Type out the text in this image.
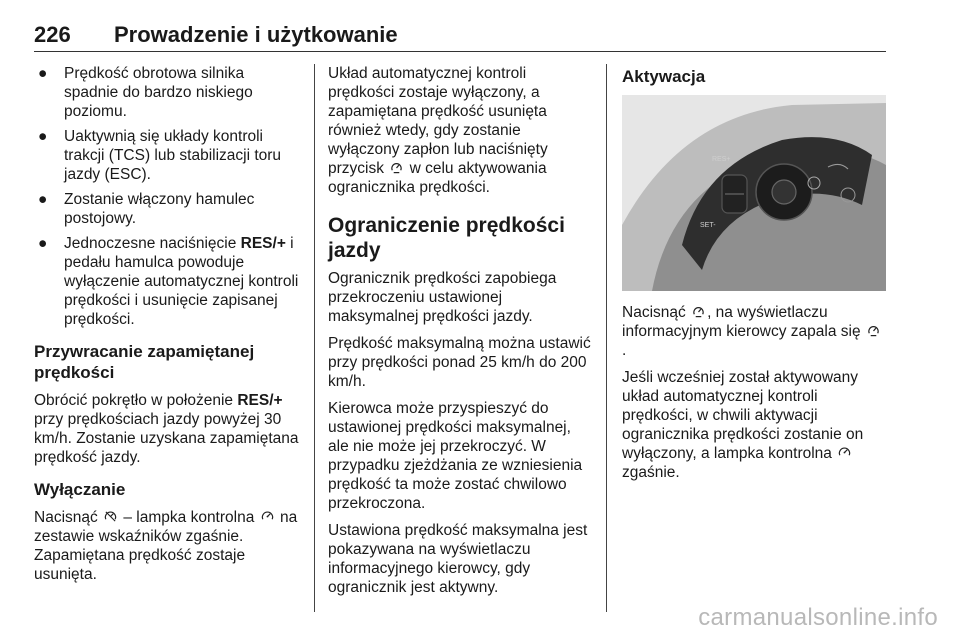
226 Prowadzenie i użytkowanie
● Prędkość obrotowa silnika spadnie do bardzo niskiego poziomu.
● Uaktywnią się układy kontroli trakcji (TCS) lub stabilizacji toru jazdy (ESC).
● Zostanie włączony hamulec postojowy.
● Jednoczesne naciśnięcie RES/+ i pedału hamulca powoduje wyłączenie automatycznej kontroli prędkości i usunięcie zapisanej prędkości.
Przywracanie zapamiętanej prędkości

Obrócić pokrętło w położenie RES/+ przy prędkościach jazdy powyżej 30 km/h. Zostanie uzyskana zapamiętana prędkość jazdy.

Wyłączanie

Nacisnąć  – lampka kontrolna  na zestawie wskaźników zgaśnie. Zapamiętana prędkość zostaje usunięta.

Układ automatycznej kontroli prędkości zostaje wyłączony, a zapamiętana prędkość usunięta również wtedy, gdy zostanie wyłączony zapłon lub naciśnięty przycisk  w celu aktywowania ogranicznika prędkości.

Ograniczenie prędkości jazdy

Ogranicznik prędkości zapobiega przekroczeniu ustawionej maksymalnej prędkości jazdy.

Prędkość maksymalną można ustawić przy prędkości ponad 25 km/h do 200 km/h.

Kierowca może przyspieszyć do ustawionej prędkości maksymalnej, ale nie może jej przekroczyć. W przypadku zjeżdżania ze wzniesienia prędkość ta może zostać chwilowo przekroczona.

Ustawiona prędkość maksymalna jest pokazywana na wyświetlaczu informacyjnego kierowcy, gdy ogranicznik jest aktywny.

Aktywacja
RES+
SET-

Nacisnąć , na wyświetlaczu informacyjnym kierowcy zapala się .

Jeśli wcześniej został aktywowany układ automatycznej kontroli prędkości, w chwili aktywacji ogranicznika prędkości zostanie on wyłączony, a lampka kontrolna  zgaśnie.

carmanualsonline.info
